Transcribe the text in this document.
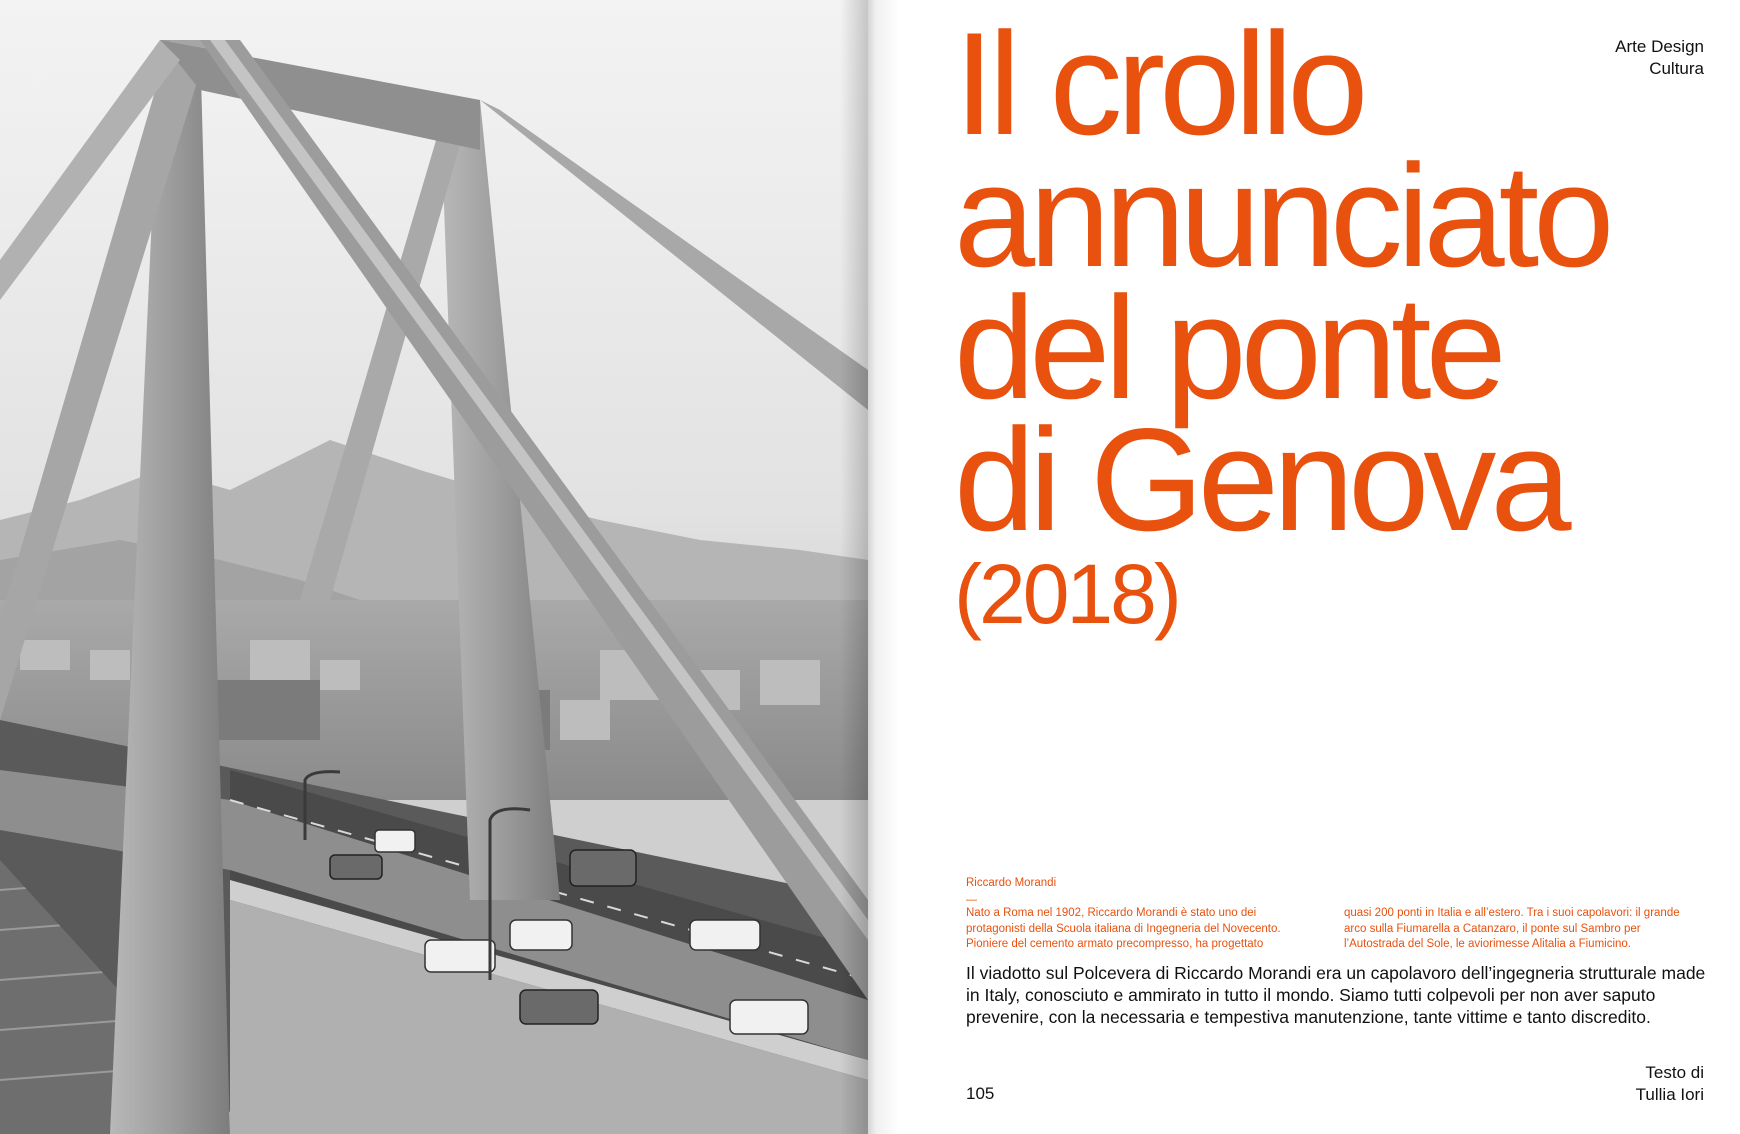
© SIXXI
Arte Design
Cultura
Il crollo
annunciato
del ponte
di Genova
(2018)
Riccardo Morandi
—

Nato a Roma nel 1902, Riccardo Morandi è stato uno dei protagonisti della Scuola italiana di Ingegneria del Novecento. Pioniere del cemento armato precompresso, ha progettato

quasi 200 ponti in Italia e all’estero. Tra i suoi capolavori: il grande arco sulla Fiumarella a Catanzaro, il ponte sul Sambro per l’Autostrada del Sole, le aviorimesse Alitalia a Fiumicino.

Il viadotto sul Polcevera di Riccardo Morandi era un capolavoro dell’ingegneria strutturale made in Italy, conosciuto e ammirato in tutto il mondo. Siamo tutti colpevoli per non aver saputo prevenire, con la necessaria e tempestiva manutenzione, tante vittime e tanto discredito.

105
Testo di
Tullia Iori
